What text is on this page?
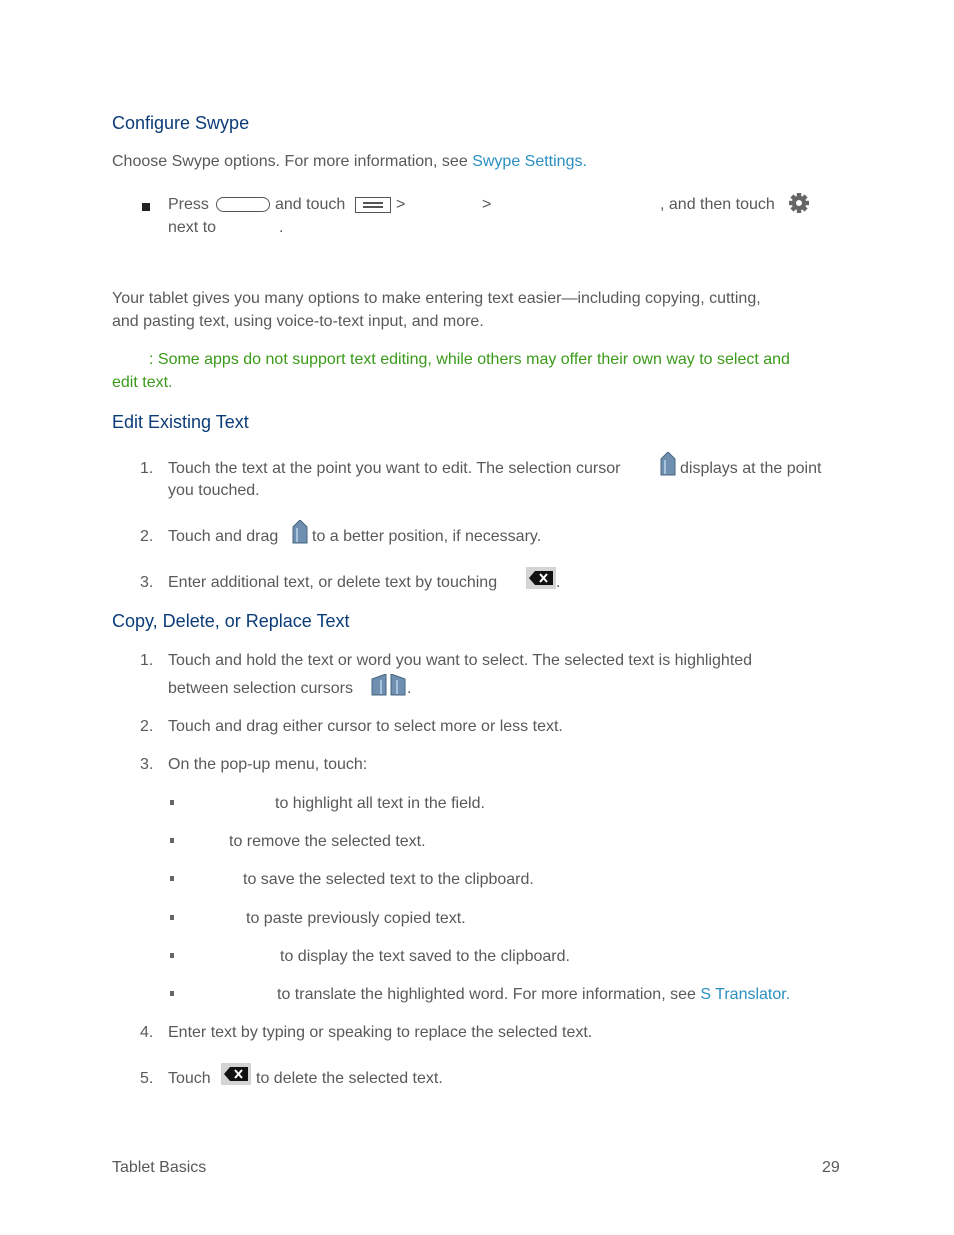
Configure Swype
Choose Swype options. For more information, see Swype Settings.
Press	and touch	>	>	, and then touch
next to	.
Your tablet gives you many options to make entering text easier—including copying, cutting,
and pasting text, using voice-to-text input, and more.
: Some apps do not support text editing, while others may offer their own way to select and
edit text.
Edit Existing Text
1. Touch the text at the point you want to edit. The selection cursor	displays at the point
you touched.
2. Touch and drag to a better position, if necessary.
3. Enter additional text, or delete text by touching	.
Copy, Delete, or Replace Text
1. Touch and hold the text or word you want to select. The selected text is highlighted
between selection cursors	.
2. Touch and drag either cursor to select more or less text.
3. On the pop-up menu, touch:
to highlight all text in the field.
to remove the selected text.
to save the selected text to the clipboard.
to paste previously copied text.
to display the text saved to the clipboard.
to translate the highlighted word. For more information, see S Translator.
4. Enter text by typing or speaking to replace the selected text.
5. Touch	to delete the selected text.
Tablet Basics	29
